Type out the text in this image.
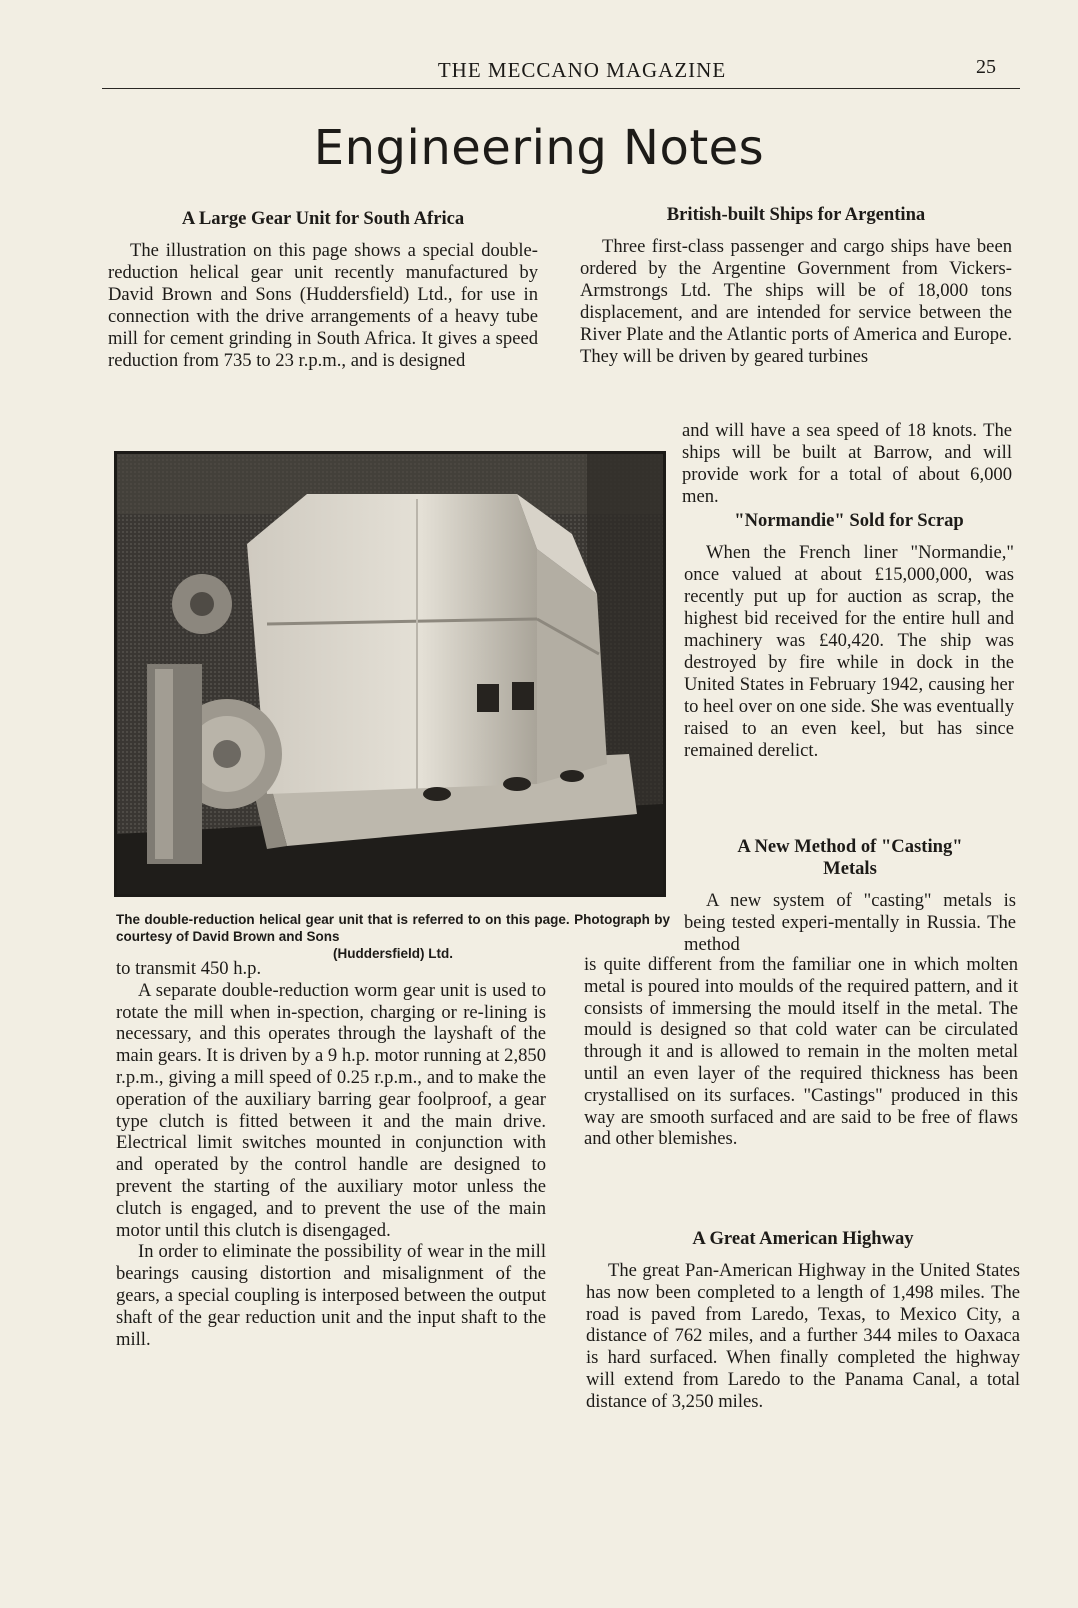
THE MECCANO MAGAZINE	25
Engineering Notes
A Large Gear Unit for South Africa

The illustration on this page shows a special double-reduction helical gear unit recently manufactured by David Brown and Sons (Huddersfield) Ltd., for use in connection with the drive arrangements of a heavy tube mill for cement grinding in South Africa. It gives a speed reduction from 735 to 23 r.p.m., and is designed

The double-reduction helical gear unit that is referred to on this page. Photograph by courtesy of David Brown and Sons
(Huddersfield) Ltd.

to transmit 450 h.p.

A separate double-reduction worm gear unit is used to rotate the mill when in-spection, charging or re-lining is necessary, and this operates through the layshaft of the main gears. It is driven by a 9 h.p. motor running at 2,850 r.p.m., giving a mill speed of 0.25 r.p.m., and to make the operation of the auxiliary barring gear foolproof, a gear type clutch is fitted between it and the main drive. Electrical limit switches mounted in conjunction with and operated by the control handle are designed to prevent the starting of the auxiliary motor unless the clutch is engaged, and to prevent the use of the main motor until this clutch is disengaged.

In order to eliminate the possibility of wear in the mill bearings causing distortion and misalignment of the gears, a special coupling is interposed between the output shaft of the gear reduction unit and the input shaft to the mill.

British-built Ships for Argentina

Three first-class passenger and cargo ships have been ordered by the Argentine Government from Vickers-Armstrongs Ltd. The ships will be of 18,000 tons displacement, and are intended for service between the River Plate and the Atlantic ports of America and Europe. They will be driven by geared turbines

and will have a sea speed of 18 knots. The ships will be built at Barrow, and will provide work for a total of about 6,000 men.

"Normandie" Sold for Scrap

When the French liner "Normandie," once valued at about £15,000,000, was recently put up for auction as scrap, the highest bid received for the entire hull and machinery was £40,420. The ship was destroyed by fire while in dock in the United States in February 1942, causing her to heel over on one side. She was eventually raised to an even keel, but has since remained derelict.

A New Method of "Casting"
Metals

A new system of "casting" metals is being tested experi-mentally in Russia. The method

is quite different from the familiar one in which molten metal is poured into moulds of the required pattern, and it consists of immersing the mould itself in the metal. The mould is designed so that cold water can be circulated through it and is allowed to remain in the molten metal until an even layer of the required thickness has been crystallised on its surfaces. "Castings" produced in this way are smooth surfaced and are said to be free of flaws and other blemishes.

A Great American Highway

The great Pan-American Highway in the United States has now been completed to a length of 1,498 miles. The road is paved from Laredo, Texas, to Mexico City, a distance of 762 miles, and a further 344 miles to Oaxaca is hard surfaced. When finally completed the highway will extend from Laredo to the Panama Canal, a total distance of 3,250 miles.
